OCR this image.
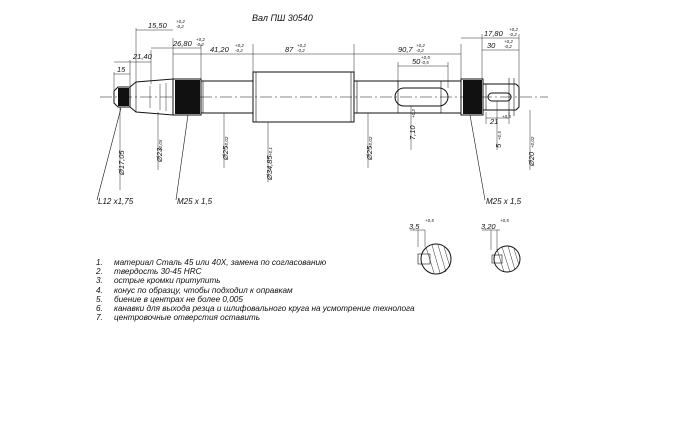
Вал ПШ 30540
15
21,40
15,50 +0,2
-0,2
26,80 +0,2
-0,2
41,20 +0,2
-0,2	87 +0,2
-0,2	90,7 +0,2
-0,2
17,80 +0,2
-0,2
30 +0,2
-0,2
50 +0,5
-0,5
21
+0,5
Ø17,05	Ø23
+0,05
Ø25
+0,02
Ø34,85
+0,1	Ø25
+0,02
7,10
+0,2
5
+0,5
Ø20
+0,02
L12 x1,75	M25 x 1,5	M25 x 1,5
3,5
+0,5
3,20
+0,5
1. материал Сталь 45 или 40Х, замена по согласованию
2. твердость 30-45 HRC
3. острые кромки притупить
4. конус по образцу, чтобы подходил к оправкам
5. биение в центрах не более 0,005
6. канавки для выхода резца и шлифовального круга на усмотрение технолога
7. центровочные отверстия оставить
